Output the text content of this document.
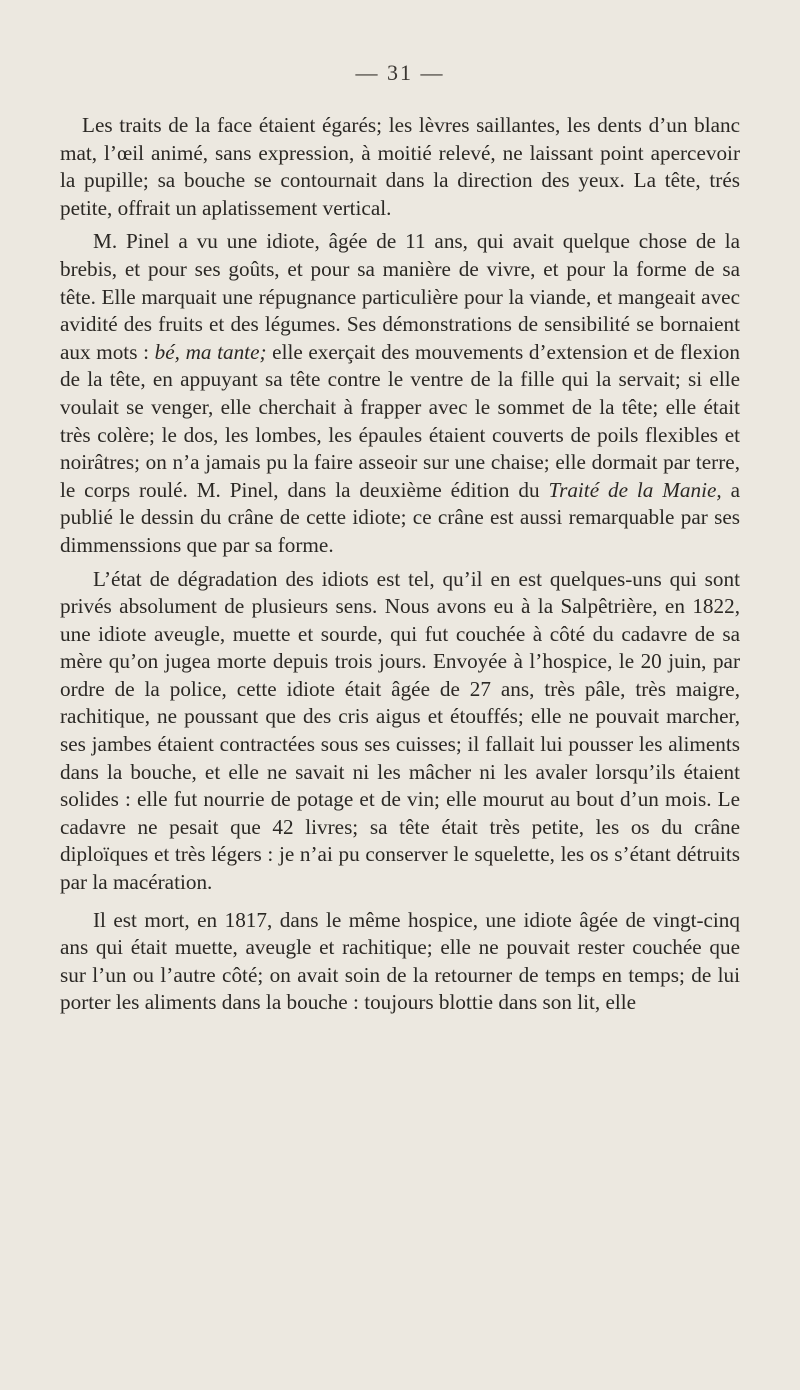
— 31 —

Les traits de la face étaient égarés; les lèvres saillantes, les dents d’un blanc mat, l’œil animé, sans expression, à moitié relevé, ne laissant point apercevoir la pupille; sa bouche se contournait dans la direction des yeux. La tête, trés petite, offrait un aplatissement vertical.

M. Pinel a vu une idiote, âgée de 11 ans, qui avait quelque chose de la brebis, et pour ses goûts, et pour sa manière de vivre, et pour la forme de sa tête. Elle marquait une répugnance particulière pour la viande, et mangeait avec avidité des fruits et des légumes. Ses démonstrations de sensibilité se bornaient aux mots : bé, ma tante; elle exerçait des mouvements d’extension et de flexion de la tête, en appuyant sa tête contre le ventre de la fille qui la servait; si elle voulait se venger, elle cherchait à frapper avec le sommet de la tête; elle était très colère; le dos, les lombes, les épaules étaient couverts de poils flexibles et noirâtres; on n’a jamais pu la faire asseoir sur une chaise; elle dormait par terre, le corps roulé. M. Pinel, dans la deuxième édition du Traité de la Manie, a publié le dessin du crâne de cette idiote; ce crâne est aussi remarquable par ses dimmenssions que par sa forme.

L’état de dégradation des idiots est tel, qu’il en est quelques-uns qui sont privés absolument de plusieurs sens. Nous avons eu à la Salpêtrière, en 1822, une idiote aveugle, muette et sourde, qui fut couchée à côté du cadavre de sa mère qu’on jugea morte depuis trois jours. Envoyée à l’hospice, le 20 juin, par ordre de la police, cette idiote était âgée de 27 ans, très pâle, très maigre, rachitique, ne poussant que des cris aigus et étouffés; elle ne pouvait marcher, ses jambes étaient contractées sous ses cuisses; il fallait lui pousser les aliments dans la bouche, et elle ne savait ni les mâcher ni les avaler lorsqu’ils étaient solides : elle fut nourrie de potage et de vin; elle mourut au bout d’un mois. Le cadavre ne pesait que 42 livres; sa tête était très petite, les os du crâne diploïques et très légers : je n’ai pu conserver le squelette, les os s’étant détruits par la macération.

Il est mort, en 1817, dans le même hospice, une idiote âgée de vingt-cinq ans qui était muette, aveugle et rachitique; elle ne pouvait rester couchée que sur l’un ou l’autre côté; on avait soin de la retourner de temps en temps; de lui porter les aliments dans la bouche : toujours blottie dans son lit, elle
